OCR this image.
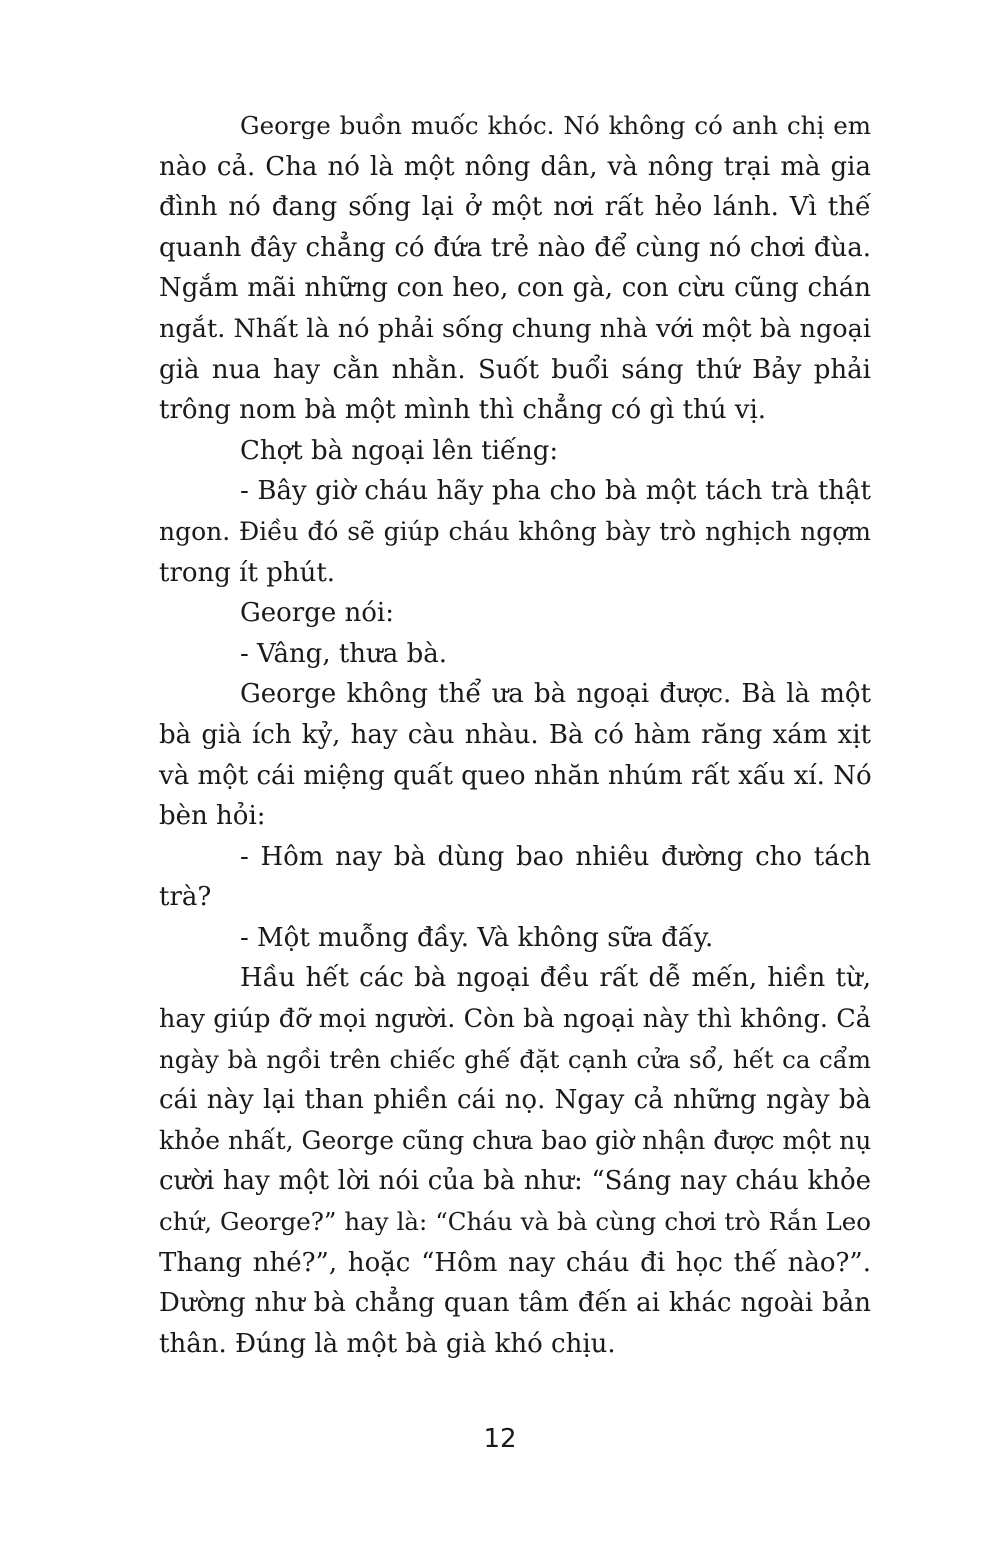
George buồn muốc khóc. Nó không có anh chị em
nào cả. Cha nó là một nông dân, và nông trại mà gia
đình nó đang sống lại ở một nơi rất hẻo lánh. Vì thế
quanh đây chẳng có đứa trẻ nào để cùng nó chơi đùa.
Ngắm mãi những con heo, con gà, con cừu cũng chán
ngắt. Nhất là nó phải sống chung nhà với một bà ngoại
già nua hay cằn nhằn. Suốt buổi sáng thứ Bảy phải
trông nom bà một mình thì chẳng có gì thú vị.
Chợt bà ngoại lên tiếng:
- Bây giờ cháu hãy pha cho bà một tách trà thật
ngon. Điều đó sẽ giúp cháu không bày trò nghịch ngợm
trong ít phút.
George nói:
- Vâng, thưa bà.
George không thể ưa bà ngoại được. Bà là một
bà già ích kỷ, hay càu nhàu. Bà có hàm răng xám xịt
và một cái miệng quất queo nhăn nhúm rất xấu xí. Nó
bèn hỏi:
- Hôm nay bà dùng bao nhiêu đường cho tách
trà?
- Một muỗng đầy. Và không sữa đấy.
Hầu hết các bà ngoại đều rất dễ mến, hiền từ,
hay giúp đỡ mọi người. Còn bà ngoại này thì không. Cả
ngày bà ngồi trên chiếc ghế đặt cạnh cửa sổ, hết ca cẩm
cái này lại than phiền cái nọ. Ngay cả những ngày bà
khỏe nhất, George cũng chưa bao giờ nhận được một nụ
cười hay một lời nói của bà như: “Sáng nay cháu khỏe
chứ, George?” hay là: “Cháu và bà cùng chơi trò Rắn Leo
Thang nhé?”, hoặc “Hôm nay cháu đi học thế nào?”.
Dường như bà chẳng quan tâm đến ai khác ngoài bản
thân. Đúng là một bà già khó chịu.
12
